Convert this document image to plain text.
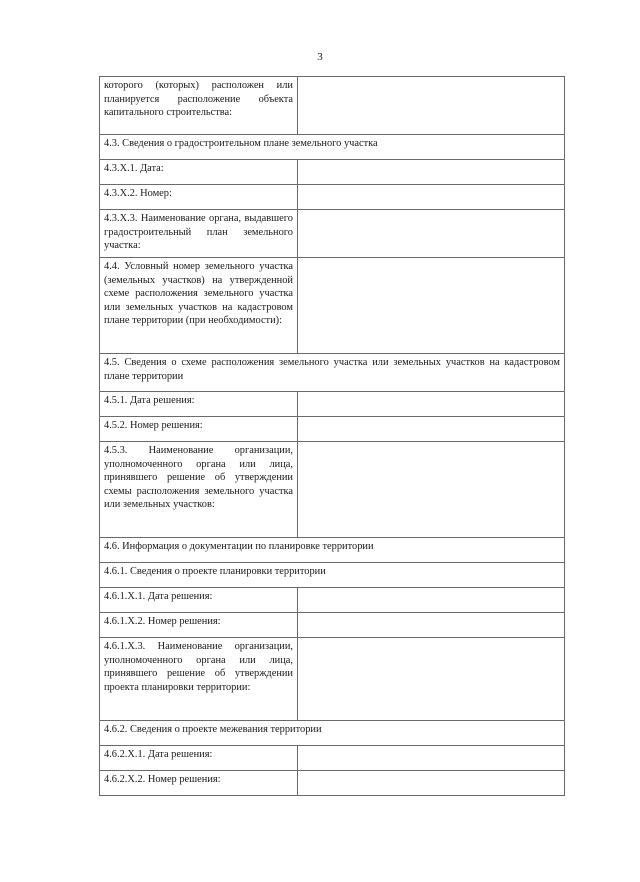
3
которого (которых) расположен или планируется расположение объекта капитального строительства:	
4.3. Сведения о градостроительном плане земельного участка	
4.3.X.1. Дата:	
4.3.X.2. Номер:	
4.3.X.3. Наименование органа, выдавшего градостроительный план земельного участка:	
4.4. Условный номер земельного участка (земельных участков) на утвержденной схеме расположения земельного участка или земельных участков на кадастровом плане территории (при необходимости):	
4.5. Сведения о схеме расположения земельного участка или земельных участков на кадастровом плане территории	
4.5.1. Дата решения:	
4.5.2. Номер решения:	
4.5.3. Наименование организации, уполномоченного органа или лица, принявшего решение об утверждении схемы расположения земельного участка или земельных участков:	
4.6. Информация о документации по планировке территории	
4.6.1. Сведения о проекте планировки территории	
4.6.1.X.1. Дата решения:	
4.6.1.X.2. Номер решения:	
4.6.1.X.3. Наименование организации, уполномоченного органа или лица, принявшего решение об утверждении проекта планировки территории:	
4.6.2. Сведения о проекте межевания территории	
4.6.2.X.1. Дата решения:	
4.6.2.X.2. Номер решения:	
